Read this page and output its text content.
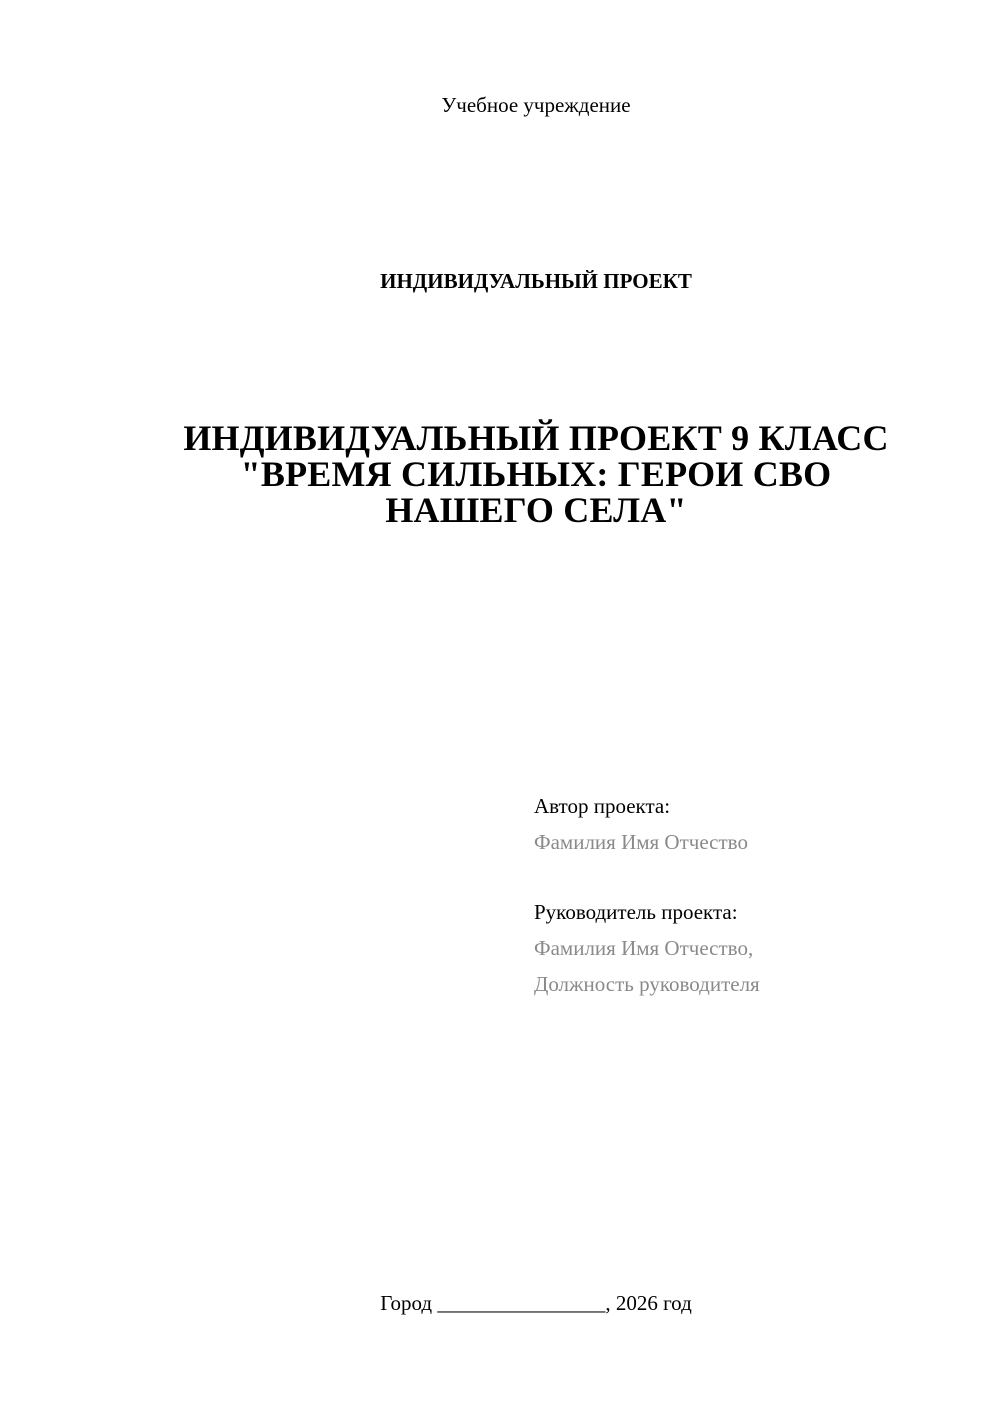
Учебное учреждение
ИНДИВИДУАЛЬНЫЙ ПРОЕКТ
ИНДИВИДУАЛЬНЫЙ ПРОЕКТ 9 КЛАСС
"ВРЕМЯ СИЛЬНЫХ: ГЕРОИ СВО
НАШЕГО СЕЛА"
Автор проекта:
Фамилия Имя Отчество
Руководитель проекта:
Фамилия Имя Отчество,
Должность руководителя
Город ________________, 2026 год
